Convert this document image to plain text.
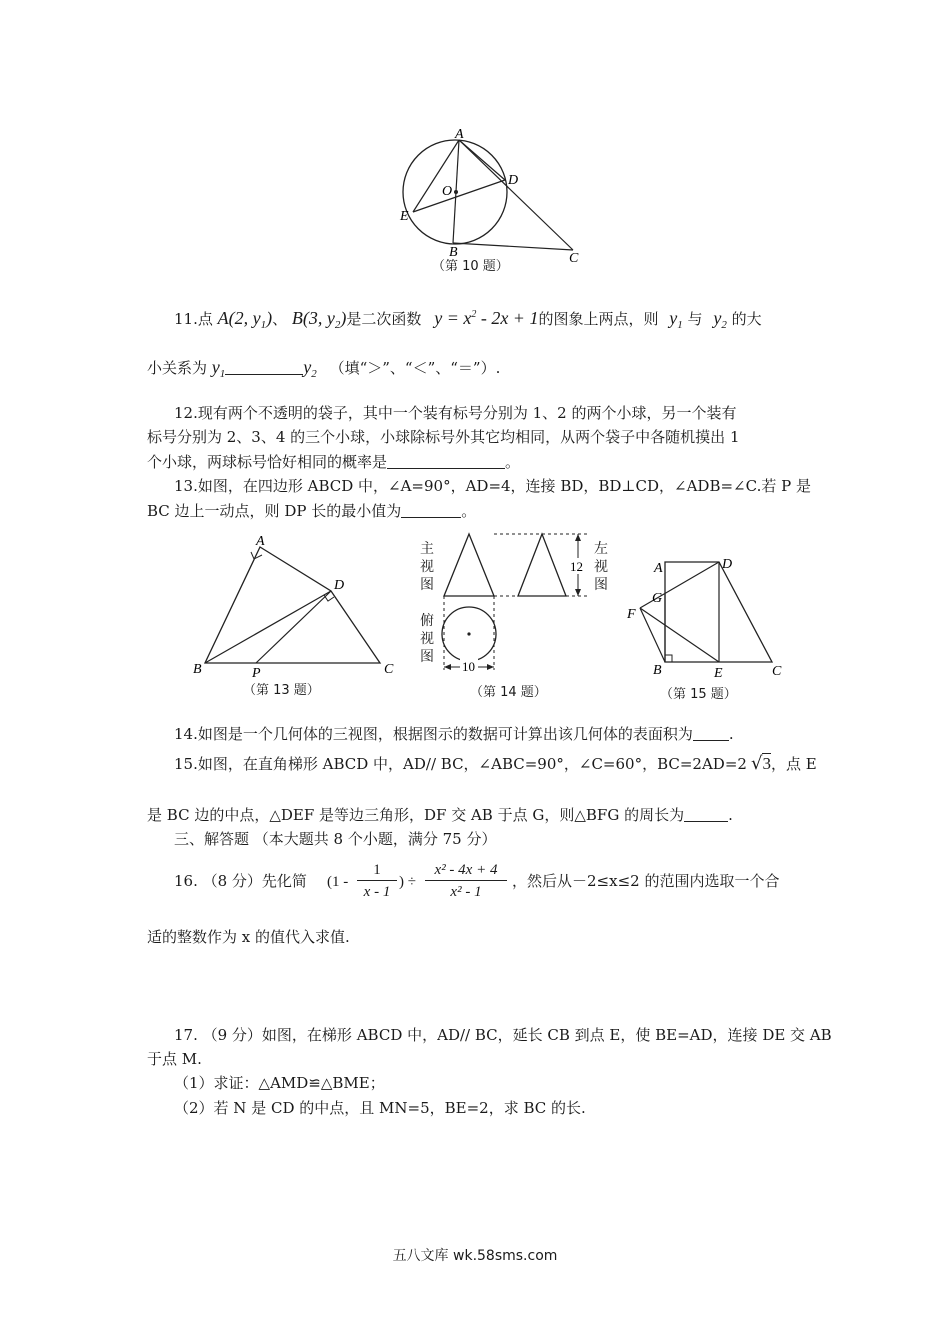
A
O
D
E
B	C
（第 10 题）
11.点 A(2, $y_1$)、 B(3, $y_2$)是二次函数 $y = x^2 - 2x + 1$的图象上两点，则 $y_1$ 与 $y_2$ 的大
小关系为 $y_1$	$y_2$ （填“＞”、“＜”、“＝”）.
12.现有两个不透明的袋子，其中一个装有标号分别为 1、2 的两个小球，另一个装有
标号分别为 2、3、4 的三个小球，小球除标号外其它均相同，从两个袋子中各随机摸出 1
个小球，两球标号恰好相同的概率是	。
13.如图，在四边形 ABCD 中，∠A=90°，AD=4，连接 BD，BD⊥CD，∠ADB=∠C.若 P 是
BC 边上一动点，则 DP 长的最小值为	。
A
D
B	P	C
（第 13 题）
12
10
主
视
图
左
视
图
俯
视
图
（第 14 题）
A	D
G
F
B	E	C
（第 15 题）
14.如图是一个几何体的三视图，根据图示的数据可计算出该几何体的表面积为 .
15.如图，在直角梯形 ABCD 中，AD// BC，∠ABC=90°，∠C=60°，BC=2AD=2 √3，点 E
是 BC 边的中点，△DEF 是等边三角形，DF 交 AB 于点 G，则△BFG 的周长为	.
三、解答题 （本大题共 8 个小题，满分 75 分）
16. （8 分）先化简 (1 -
1
x - 1
) ÷
x² - 4x + 4
x² - 1
，然后从－2≤x≤2 的范围内选取一个合
适的整数作为 x 的值代入求值.
17. （9 分）如图，在梯形 ABCD 中，AD// BC，延长 CB 到点 E，使 BE=AD，连接 DE 交 AB
于点 M.
（1）求证：△AMD≌△BME；
（2）若 N 是 CD 的中点，且 MN=5，BE=2，求 BC 的长.
五八文库 wk.58sms.com
